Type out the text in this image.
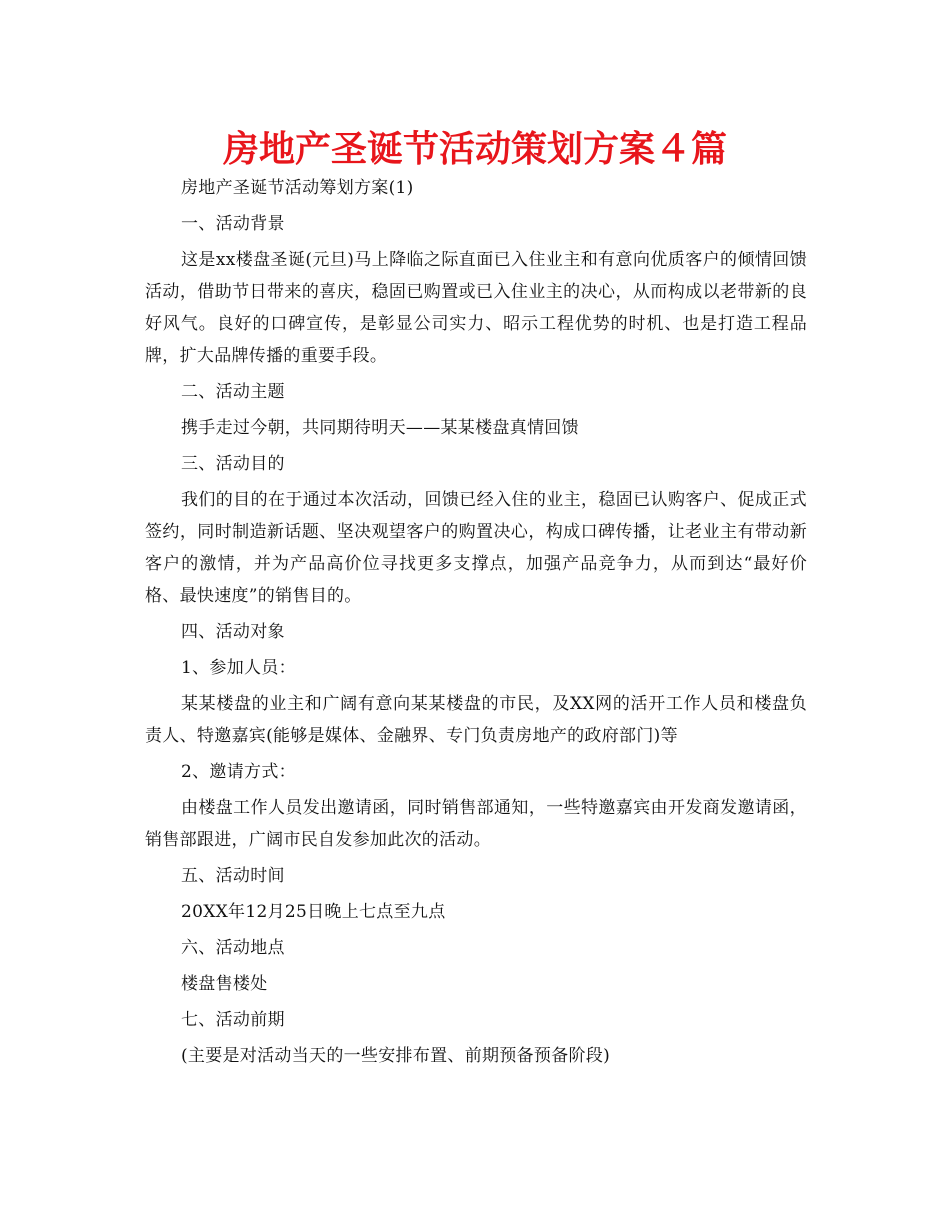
房地产圣诞节活动策划方案４篇

房地产圣诞节活动筹划方案(1)

一、活动背景

这是xx楼盘圣诞(元旦)马上降临之际直面已入住业主和有意向优质客户的倾情回馈活动，借助节日带来的喜庆，稳固已购置或已入住业主的决心，从而构成以老带新的良好风气。良好的口碑宣传，是彰显公司实力、昭示工程优势的时机、也是打造工程品牌，扩大品牌传播的重要手段。

二、活动主题

携手走过今朝，共同期待明天——某某楼盘真情回馈

三、活动目的

我们的目的在于通过本次活动，回馈已经入住的业主，稳固已认购客户、促成正式签约，同时制造新话题、坚决观望客户的购置决心，构成口碑传播，让老业主有带动新客户的激情，并为产品高价位寻找更多支撑点，加强产品竞争力，从而到达“最好价格、最快速度”的销售目的。

四、活动对象

1、参加人员：

某某楼盘的业主和广阔有意向某某楼盘的市民，及XX网的活开工作人员和楼盘负责人、特邀嘉宾(能够是媒体、金融界、专门负责房地产的政府部门)等

2、邀请方式：

由楼盘工作人员发出邀请函，同时销售部通知，一些特邀嘉宾由开发商发邀请函，销售部跟进，广阔市民自发参加此次的活动。

五、活动时间

20XX年12月25日晚上七点至九点

六、活动地点

楼盘售楼处

七、活动前期

(主要是对活动当天的一些安排布置、前期预备预备阶段)
